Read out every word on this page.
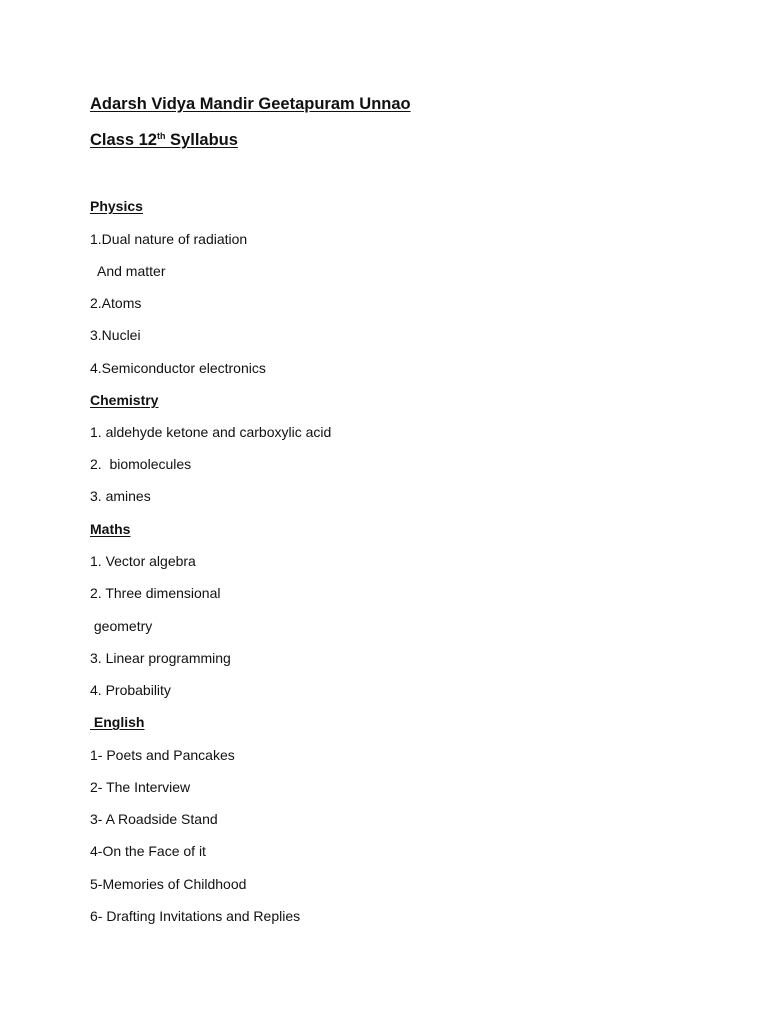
Adarsh Vidya Mandir Geetapuram Unnao

Class 12th Syllabus

Physics

1.Dual nature of radiation

And matter

2.Atoms

3.Nuclei

4.Semiconductor electronics

Chemistry

1. aldehyde ketone and carboxylic acid

2.  biomolecules

3. amines

Maths

1. Vector algebra

2. Three dimensional

geometry

3. Linear programming

4. Probability

English

1- Poets and Pancakes

2- The Interview

3- A Roadside Stand

4-On the Face of it

5-Memories of Childhood

6- Drafting Invitations and Replies
